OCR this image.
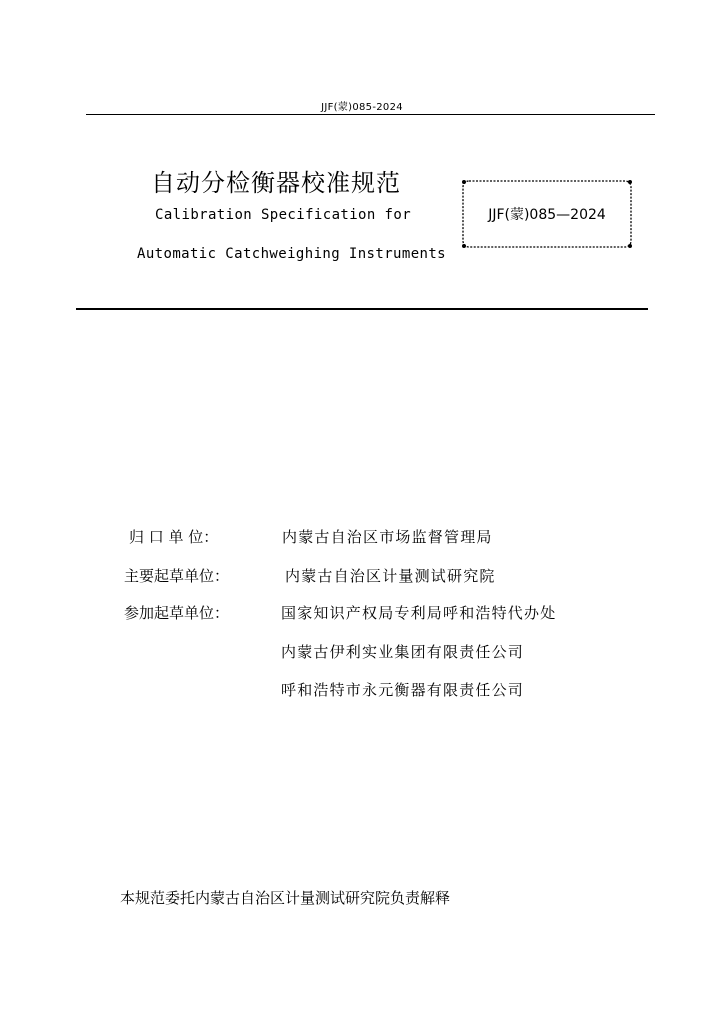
JJF(蒙)085-2024
自动分检衡器校准规范
Calibration Specification for
Automatic Catchweighing Instruments
JJF(蒙)085—2024
归 口 单 位：	内蒙古自治区市场监督管理局
主要起草单位：	内蒙古自治区计量测试研究院
参加起草单位：	国家知识产权局专利局呼和浩特代办处
内蒙古伊利实业集团有限责任公司
呼和浩特市永元衡器有限责任公司
本规范委托内蒙古自治区计量测试研究院负责解释
